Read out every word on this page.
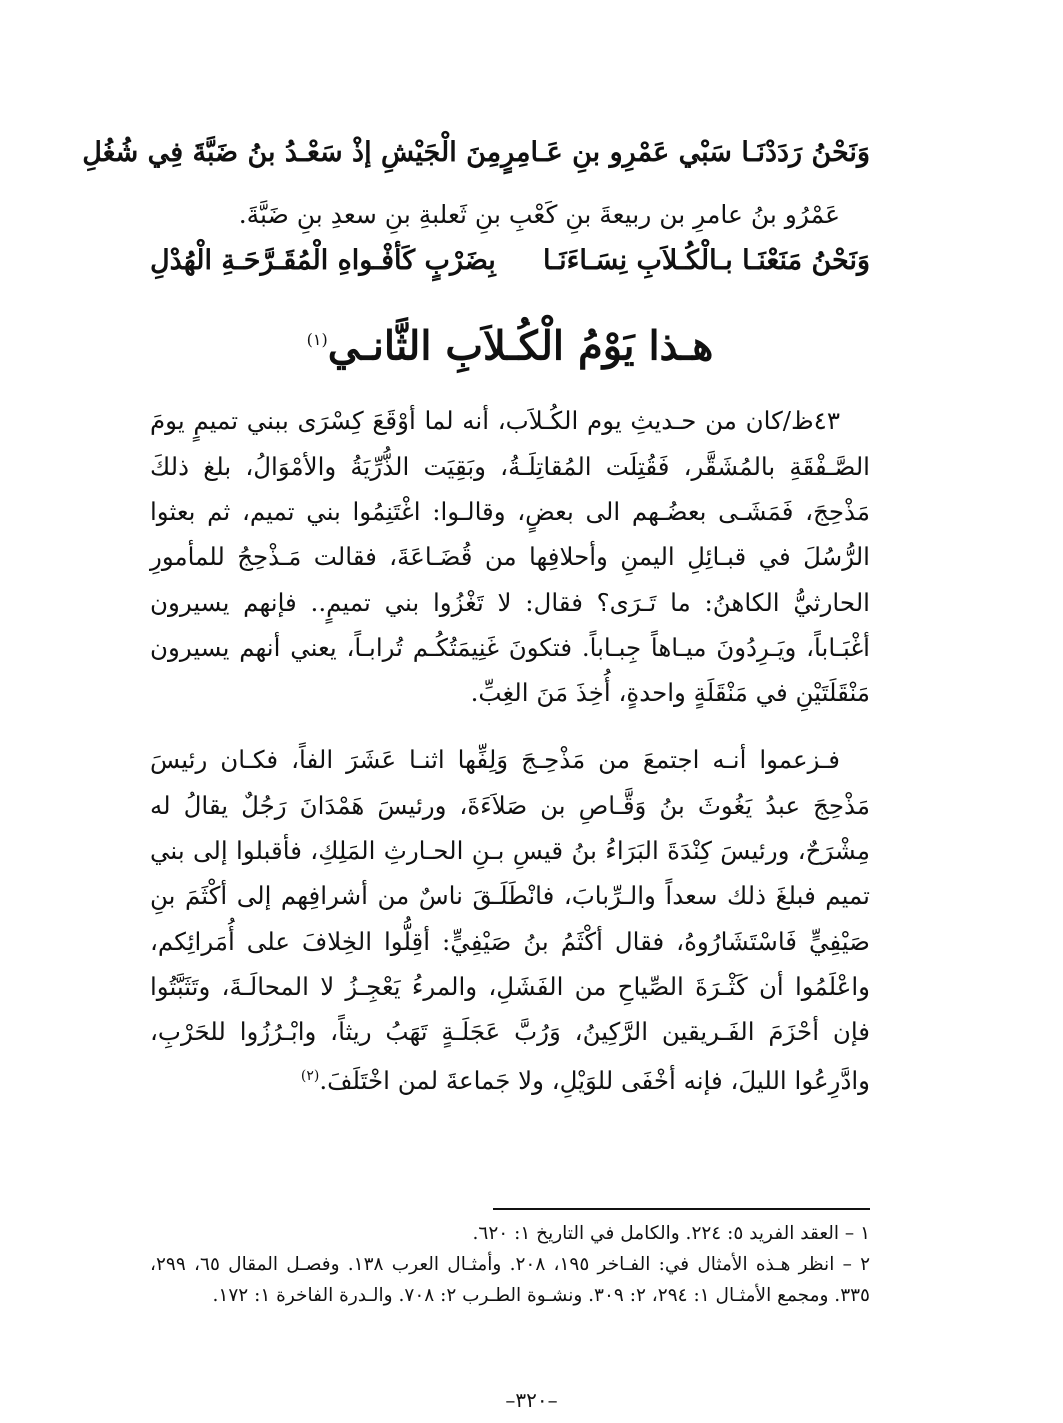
وَنَحْنُ رَدَدْنَـا سَبْي عَمْرِو بنِ عَـامِرٍ
مِنَ الْجَيْشِ إذْ سَعْـدُ بنُ ضَبَّةَ فِي شُغُلِ
عَمْرُو بنُ عامرِ بن ربيعةَ بنِ كَعْبِ بنِ ثَعلبةِ بنِ سعدِ بنِ ضَبَّةَ.
وَنَحْنُ مَنَعْنَـا بـالْكُـلاَبِ نِسَـاءَنَـا
بِضَرْبٍ كَأفْـواهِ الْمُقَـرَّحَـةِ الْهُدْلِ
هـذا يَوْمُ الْكُـلاَبِ الثَّانـي$^{(١)}$

٤٣ظ/كان من حـديثِ يوم الكُـلاَب، أنه لما أوْقَعَ كِسْرَى ببني تميمٍ يومَ الصَّـفْقَةِ بالمُشَقَّر، فَقُتِلَت المُقاتِلَـةُ، وبَقِيَت الذُّرِّيَةُ والأمْوَالُ، بلغ ذلكَ مَذْحِجَ، فَمَشَـى بعضُـهم الى بعضٍ، وقالـوا: اغْتَنِمُوا بني تميم، ثم بعثوا الرُّسُلَ في قبـائِلِ اليمنِ وأحلافِها من قُضَـاعَةَ، فقالت مَـذْحِجُ للمأمورِ الحارثيُّ الكاهنُ: ما تَـرَى؟ فقال: لا تَغْزُوا بني تميمٍ.. فإنهم يسيرون أغْبَـاباً، ويَـرِدُونَ ميـاهاً جِبـاباً. فتكونَ غَنِيمَتُكُـم تُرابـاً، يعني أنهم يسيرون مَنْقَلَتَيْنِ في مَنْقَلَةٍ واحدةٍ، أُخِذَ مَنَ الغِبِّ.

فـزعموا أنـه اجتمعَ من مَذْحِـجَ وَلِفِّها اثنـا عَشَرَ الفاً، فكـان رئيسَ مَذْحِجَ عبدُ يَغُوثَ بنُ وَقَّـاصِ بن صَلاَءَةَ، ورئيسَ هَمْدَانَ رَجُلٌ يقالُ له مِشْرَحٌ، ورئيسَ كِنْدَةَ البَرَاءُ بنُ قيسِ بـنِ الحـارثِ المَلِكِ، فأقبلوا إلى بني تميم فبلغَ ذلك سعداً والـرِّبابَ، فانْطَلَـقَ ناسٌ من أشرافِهم إلى أكْثَمَ بنِ صَيْفِيٍّ فَاسْتَشَارُوهُ، فقال أكْثَمُ بنُ صَيْفِيٍّ: أقِلُّوا الخِلافَ على أُمَرائِكم، واعْلَمُوا أن كَثْـرَةَ الصِّياحِ من الفَشَلِ، والمرءُ يَعْجِـزُ لا المحالَـةَ، وتَثَبَّتُوا فإن أحْزَمَ الفَـريقين الرَّكِينُ، وَرُبَّ عَجَلَـةٍ تَهَبُ ريثاً، وابْـرُزُوا للحَرْبِ، وادَّرِعُوا الليلَ، فإنه أخْفَى للوَيْلِ، ولا جَماعةَ لمن اخْتَلَفَ.$^{(٢)}$

١ – العقد الفريد ٥: ٢٢٤. والكامل في التاريخ ١: ٦٢٠.

٢ – انظر هـذه الأمثال في: الفـاخر ١٩٥، ٢٠٨. وأمثـال العرب ١٣٨. وفصـل المقال ٦٥، ٢٩٩، ٣٣٥. ومجمع الأمثـال ١: ٢٩٤، ٢: ٣٠٩. ونشـوة الطـرب ٢: ٧٠٨. والـدرة الفاخرة ١: ١٧٢.

–٣٢٠–
